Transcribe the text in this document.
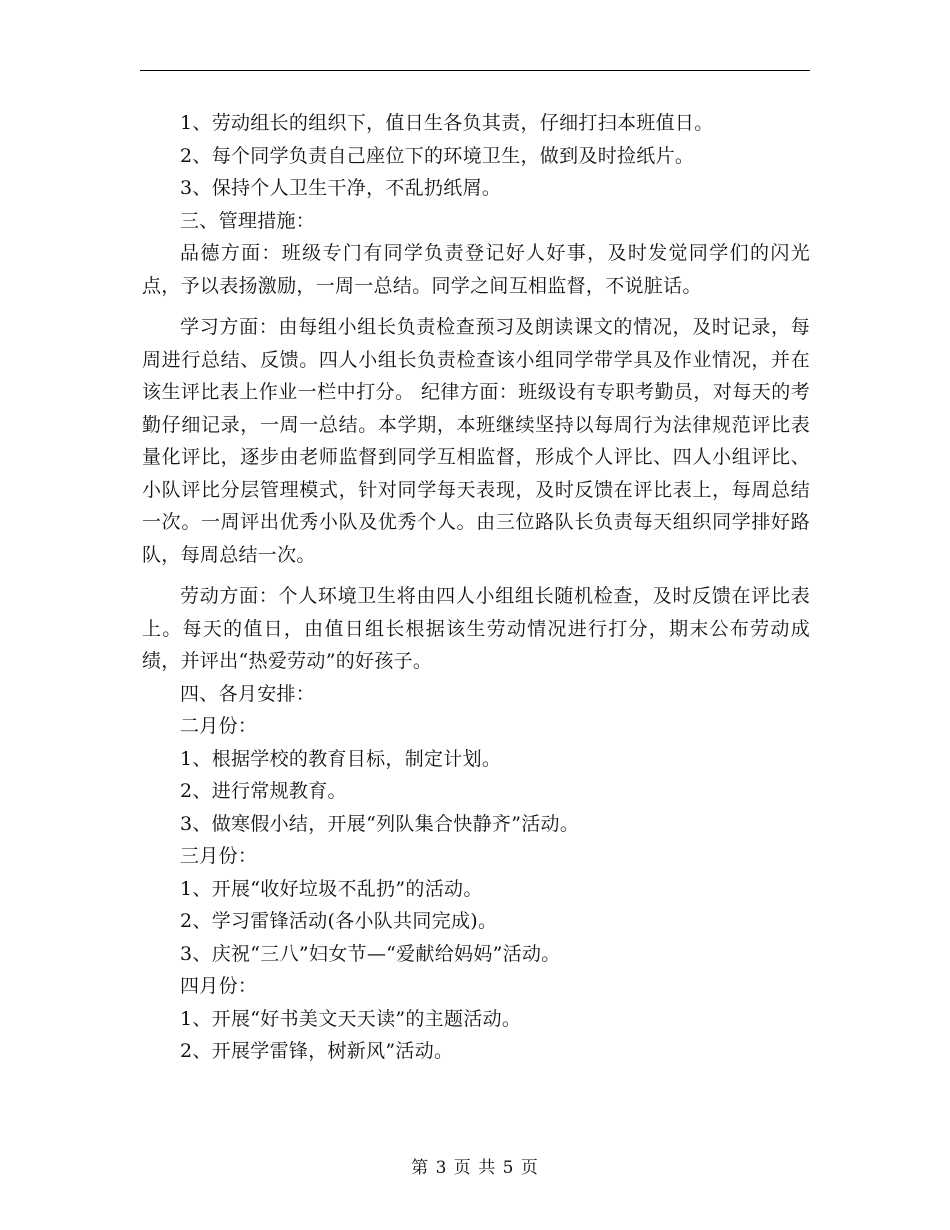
1、劳动组长的组织下，值日生各负其责，仔细打扫本班值日。

2、每个同学负责自己座位下的环境卫生，做到及时捡纸片。

3、保持个人卫生干净，不乱扔纸屑。

三、管理措施：

品德方面：班级专门有同学负责登记好人好事，及时发觉同学们的闪光点，予以表扬激励，一周一总结。同学之间互相监督，不说脏话。

学习方面：由每组小组长负责检查预习及朗读课文的情况，及时记录，每周进行总结、反馈。四人小组长负责检查该小组同学带学具及作业情况，并在该生评比表上作业一栏中打分。 纪律方面：班级设有专职考勤员，对每天的考勤仔细记录，一周一总结。本学期，本班继续坚持以每周行为法律规范评比表量化评比，逐步由老师监督到同学互相监督，形成个人评比、四人小组评比、小队评比分层管理模式，针对同学每天表现，及时反馈在评比表上，每周总结一次。一周评出优秀小队及优秀个人。由三位路队长负责每天组织同学排好路队，每周总结一次。

劳动方面：个人环境卫生将由四人小组组长随机检查，及时反馈在评比表上。每天的值日，由值日组长根据该生劳动情况进行打分，期末公布劳动成绩，并评出“热爱劳动”的好孩子。

四、各月安排：

二月份：

1、根据学校的教育目标，制定计划。

2、进行常规教育。

3、做寒假小结，开展“列队集合快静齐”活动。

三月份：

1、开展“收好垃圾不乱扔”的活动。

2、学习雷锋活动(各小队共同完成)。

3、庆祝“三八”妇女节—“爱献给妈妈”活动。

四月份：

1、开展“好书美文天天读”的主题活动。

2、开展学雷锋，树新风”活动。

第 3 页 共 5 页
